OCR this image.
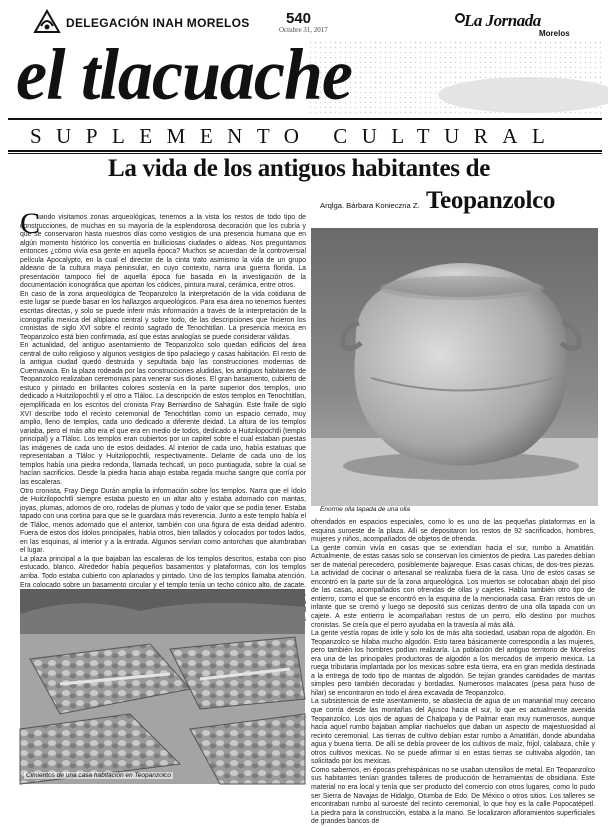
DELEGACIÓN INAH MORELOS 540
Octubre 31, 2017	La Jornada
Morelos
el tlacuache
SUPLEMENTO CULTURAL
La vida de los antiguos habitantes de
Teopanzolco
Arqlga. Bárbara Konieczna Z.
C

uando visitamos zonas arqueológicas, tenemos a la vista los restos de todo tipo de construcciones, de muchas en su mayoría de la esplendorosa decoración que los cubría y que se conservaron hasta nuestros días como vestigios de una presencia humana que en algún momento histórico los convertía en bulliciosas ciudades o aldeas. Nos preguntamos entonces ¿cómo vivía esa gente en aquella época? Muchos se acuerdan de la controversial película Apocalypto, en la cual el director de la cinta trato asimismo la vida de un grupo aldeano de la cultura maya peninsular, en cuyo contexto, narra una guerra florida. La presentación tampoco fiel de aquella época fue basada en la investigación de la documentación iconográfica que aportan los códices, pintura mural, cerámica, entre otros.

En caso de la zona arqueológica de Teopanzolco la interpretación de la vida cotidiana de este lugar se puede basar en los hallazgos arqueológicos. Para esa área no tenemos fuentes escritas directas, y solo se puede inferir más información a través de la interpretación de la iconografía mexica del altiplano central y sobre todo, de las descripciones que hicieron los cronistas de siglo XVI sobre el recinto sagrado de Tenochtitlan. La presencia mexica en Teopanzolco está bien confirmada, así que estas analogías se puede considerar válidas.

En actualidad, del antiguo asentamiento de Teopanzolco solo quedan edificios del área central de culto religioso y algunos vestigios de tipo palaciego y casas habitación. El resto de la antigua ciudad quedó destruida y sepultada bajo las construcciones modernas de Cuernavaca. En la plaza rodeada por las construcciones aludidas, los antiguos habitantes de Teopanzolco realizaban ceremonias para venerar sus dioses. El gran basamento, cubierto de estuco y pintado en brillantes colores sostenía en la parte superior dos templos, uno dedicado a Huitzilopochtli y el otro a Tláloc. La descripción de estos templos en Tenochtitlan, ejemplificada en los escritos del cronista Fray Bernardino de Sahagún. Este fraile de siglo XVI describe todo el recinto ceremonial de Tenochtitlan como un espacio cerrado, muy amplio, lleno de templos, cada uno dedicado a diferente deidad. La altura de los templos variaba, pero el más alto era el que era en medio de todos, dedicado a Huitzilopochtli (templo principal) y a Tláloc. Los templos eran cubiertos por un capitel sobre el cual estaban puestas las imágenes de cada uno de estos deidades. Al interior de cada uno, había estatuas que representaban a Tláloc y Huitzilopochtli, respectivamente. Delante de cada uno de los templos había una piedra redonda, llamada techcatl, un poco puntiaguda, sobre la cual se hacían sacrificios. Desde la piedra hacia abajo estaba regada mucha sangre que corría por las escaleras.

Otro cronista, Fray Diego Durán amplia la información sobre los templos. Narra que el ídolo de Huitzilopochtli siempre estaba puesto en un altar alto y estaba adornado con mantas, joyas, plumas, adornos de oro, rodelas de plumas y todo de valor que se podía tener. Estaba tapado con una cortina para que se le guardara más reverencia. Junto a este templo había el de Tláloc, menos adornado que el anterior, también con una figura de esta deidad adentro. Fuera de estos dos ídolos principales, había otros, bien tallados y colocados por todos lados, en las esquinas, al interior y a la entrada. Algunos servían como antorchas que alumbraban el lugar.

La plaza principal a la que bajaban las escaleras de los templos descritos, estaba con piso estucado, blanco. Alrededor había pequeños basamentos y plataformas, con los templos arriba. Todo estaba cubierto con aplanados y pintado. Uno de los templos llamaba atención. Era colocado sobre un basamento circular y el templo tenía un techo cónico alto, de zacate.

Enorme olla tapada de una olla

ofrendados en espacios especiales, como lo es uno de las pequeñas plataformas en la esquina suroeste de la plaza. Allí se depositaron los restos de 92 sacrificados, hombres, mujeres y niños, acompañados de objetos de ofrenda.

La gente común vivía en casas que se extendían hacia el sur, rumbo a Amatitlán. Actualmente, de estas casas solo se conservan los cimientos de piedra. Las paredes debían ser de material perecedero, posiblemente bajareque. Esas casas chicas, de dos-tres piezas. La actividad de cocinar o artesanal se realizaba fuera de la casa. Uno de estos casas se encontró en la parte sur de la zona arqueológica. Los muertos se colocaban abajo del piso de las casas, acompañados con ofrendas de ollas y cajetes. Había también otro tipo de entierro, como el que se encontró en la esquina de la mencionada casa. Eran restos de un infante que se cremó y luego se depositó sus cenizas dentro de una olla tapada con un cajete. A este entierro le acompañaban restos de un perro, ello destino por muchos cronistas. Se creía que el perro ayudaba en la travesía al más allá.

La gente vestía ropas de ixtle y solo los de más alta sociedad, usaban ropa de algodón. En Teopanzolco se hilaba mucho algodón. Esto tarea básicamente correspondía a las mujeres, pero también los hombres podían realizarla. La población del antiguo territorio de Morelos era una de las principales productoras de algodón a los mercados de imperio mexica. La ruega tributaria implantada por los mexicas sobre esta tierra, era en gran medida destinada a la entrega de todo tipo de mantas de algodón. Se tejían grandes cantidades de mantas simples pero también decoradas y bordadas. Numerosos malacates (pesa para huso de hilar) se encontraron en todo el área excavada de Teopanzolco.

La subsistencia de este asentamiento, se abastecía de agua de un manantial muy cercano que corría desde las montañas del Ajusco hacia el sur, lo que es actualmente avenida Teopanzolco. Los ojos de aguas de Chalpapa y de Palmar eran muy numerosos, aunque hacia aquel rumbo bajaban ampliar riachuelos que daban un aspecto de majestuosidad al recinto ceremonial. Las tierras de cultivo debían estar rumbo a Amatitlán, donde abundaba agua y buena tierra. De allí se debía proveer de los cultivos de maíz, frijol, calabaza, chile y otros cultivos mexicas. No se puede afirmar si en estas tierras se cultivaba algodón, tan solicitado por los mexicas.

Como sabemos, en épocas prehispánicas no se usaban utensilios de metal. En Teopanzolco sus habitantes tenían grandes talleres de producción de herramientas de obsidiana. Este material no era local y tenía que ser producto del comercio con otros lugares, como lo pudo ser Sierra de Navajas de Hidalgo, Otumba de Edo. De México o otros sitios. Los talleres se encontraban rumbo al suroeste del recinto ceremonial, lo que hoy es la calle Popocatépetl. La piedra para la construcción, estaba a la mano. Se localizaron afloramientos superficiales de grandes bancos de

Cimientos de una casa habitación en Teopanzolco
